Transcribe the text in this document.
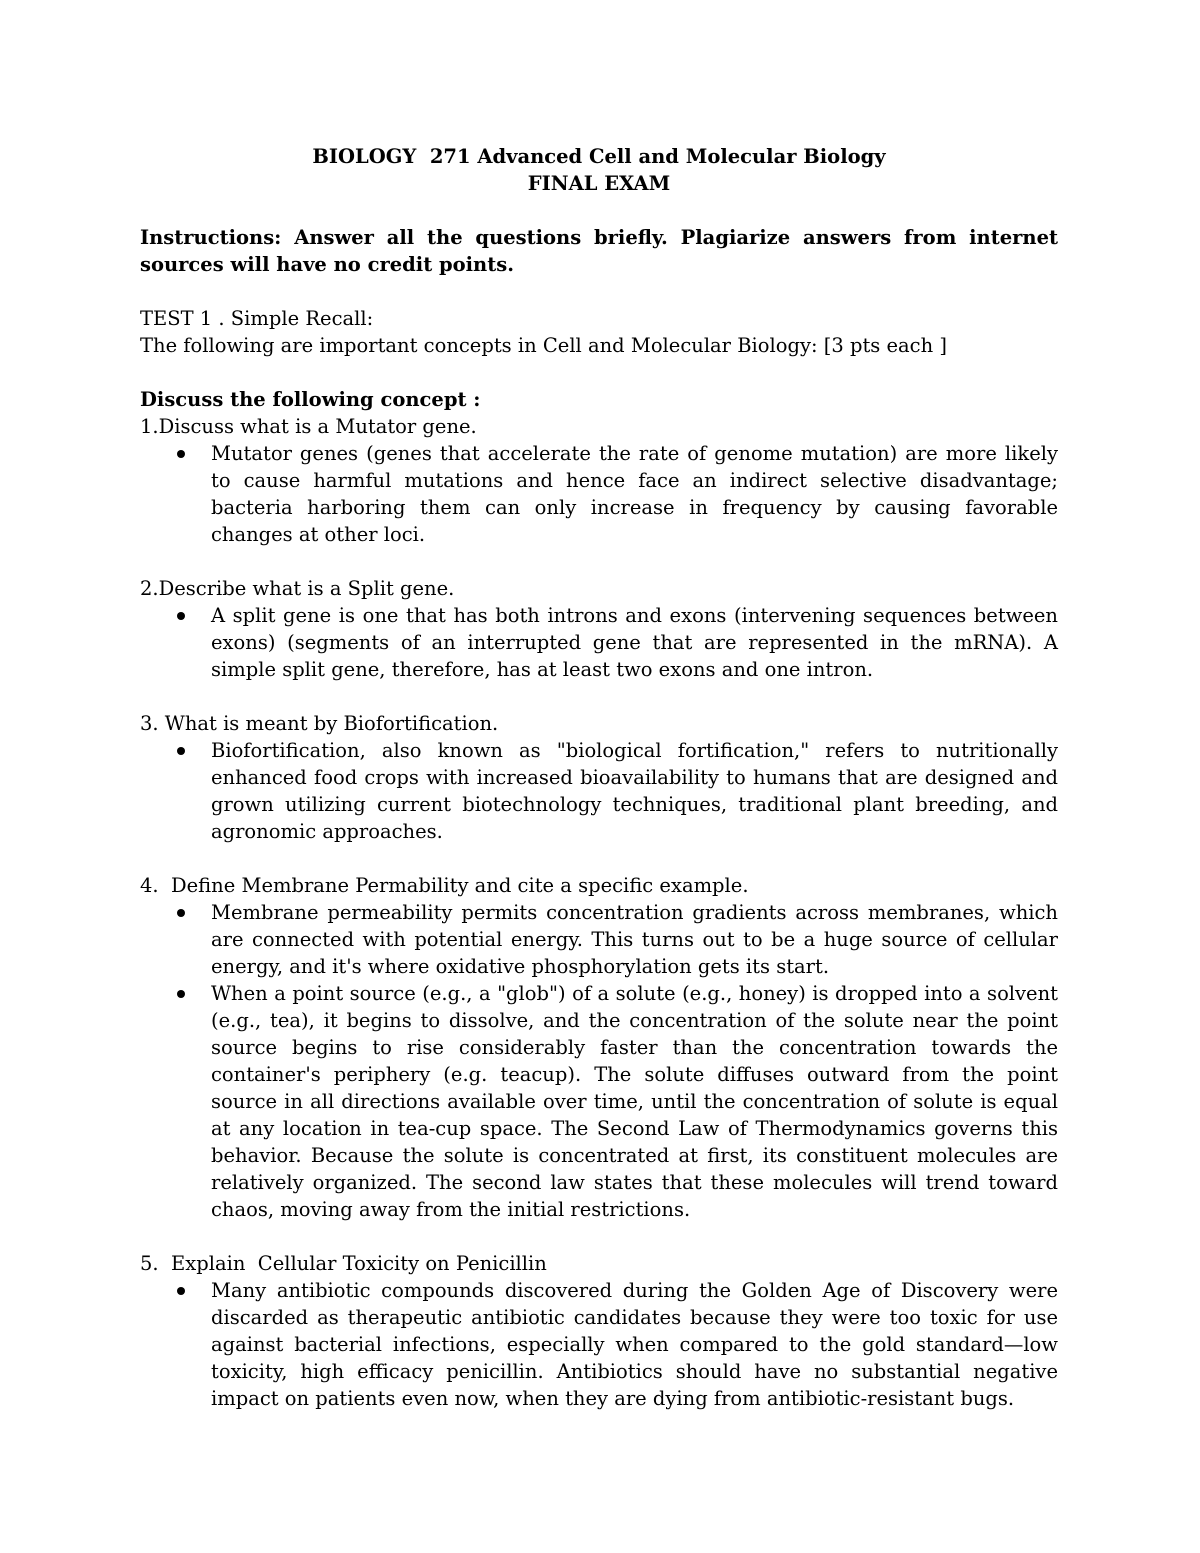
BIOLOGY  271 Advanced Cell and Molecular Biology
FINAL EXAM

Instructions: Answer all the questions briefly. Plagiarize answers from internet  sources will have no credit points.

TEST 1 . Simple Recall:

The following are important concepts in Cell and Molecular Biology: [3 pts each ]

Discuss the following concept :

1.Discuss what is a Mutator gene.

Mutator genes (genes that accelerate the rate of genome mutation) are more likely to cause harmful mutations and hence face an indirect selective disadvantage; bacteria harboring them can only increase in frequency by causing favorable changes at other loci.

2.Describe what is a Split gene.

A split gene is one that has both introns and exons (intervening sequences between exons) (segments of an interrupted gene that are represented in the mRNA). A simple split gene, therefore, has at least two exons and one intron.

3. What is meant by Biofortification.

Biofortification, also known as "biological fortification," refers to nutritionally enhanced food crops with increased bioavailability to humans that are designed and grown utilizing current biotechnology techniques, traditional plant breeding, and agronomic approaches.

4.  Define Membrane Permability and cite a specific example.

Membrane permeability permits concentration gradients across membranes, which are connected with potential energy. This turns out to be a huge source of cellular energy, and it's where oxidative phosphorylation gets its start.
When a point source (e.g., a "glob") of a solute (e.g., honey) is dropped into a solvent (e.g., tea), it begins to dissolve, and the concentration of the solute near the point source begins to rise considerably faster than the concentration towards the container's periphery (e.g. teacup). The solute diffuses outward from the point source in all directions available over time, until the concentration of solute is equal at any location in tea-cup space. The Second Law of Thermodynamics governs this behavior. Because the solute is concentrated at first, its constituent molecules are relatively organized. The second law states that these molecules will trend toward chaos, moving away from the initial restrictions.

5.  Explain  Cellular Toxicity on Penicillin

Many antibiotic compounds discovered during the Golden Age of Discovery were discarded as therapeutic antibiotic candidates because they were too toxic for use against bacterial infections, especially when compared to the gold standard—low toxicity, high efficacy penicillin. Antibiotics should have no substantial negative impact on patients even now, when they are dying from antibiotic-resistant bugs.
